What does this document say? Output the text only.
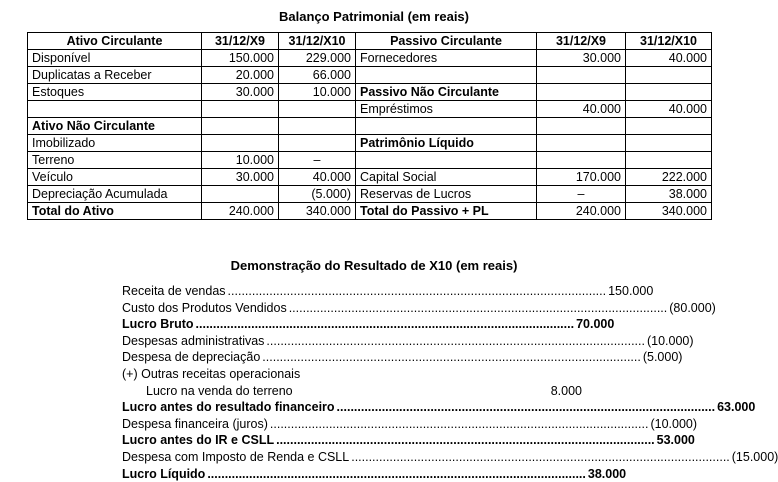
Balanço Patrimonial (em reais)
Ativo Circulante	31/12/X9	31/12/X10	Passivo Circulante	31/12/X9	31/12/X10
Disponível	150.000	229.000	Fornecedores	30.000	40.000
Duplicatas a Receber	20.000	66.000			
Estoques	30.000	10.000	Passivo Não Circulante		
			Empréstimos	40.000	40.000
Ativo Não Circulante					
Imobilizado			Patrimônio Líquido		
Terreno	10.000	–			
Veículo	30.000	40.000	Capital Social	170.000	222.000
Depreciação Acumulada		(5.000)	Reservas de Lucros	–	38.000
Total do Ativo	240.000	340.000	Total do Passivo + PL	240.000	340.000
Demonstração do Resultado de X10 (em reais)
Receita de vendas ............................................................................................................. 150.000
Custo dos Produtos Vendidos ............................................................................................................. (80.000)
Lucro Bruto ............................................................................................................. 70.000
Despesas administrativas ............................................................................................................. (10.000)
Despesa de depreciação ............................................................................................................. (5.000)
(+) Outras receitas operacionais
Lucro na venda do terreno	8.000
Lucro antes do resultado financeiro ............................................................................................................. 63.000
Despesa financeira (juros) ............................................................................................................. (10.000)
Lucro antes do IR e CSLL ............................................................................................................. 53.000
Despesa com Imposto de Renda e CSLL ............................................................................................................. (15.000)
Lucro Líquido ............................................................................................................. 38.000
